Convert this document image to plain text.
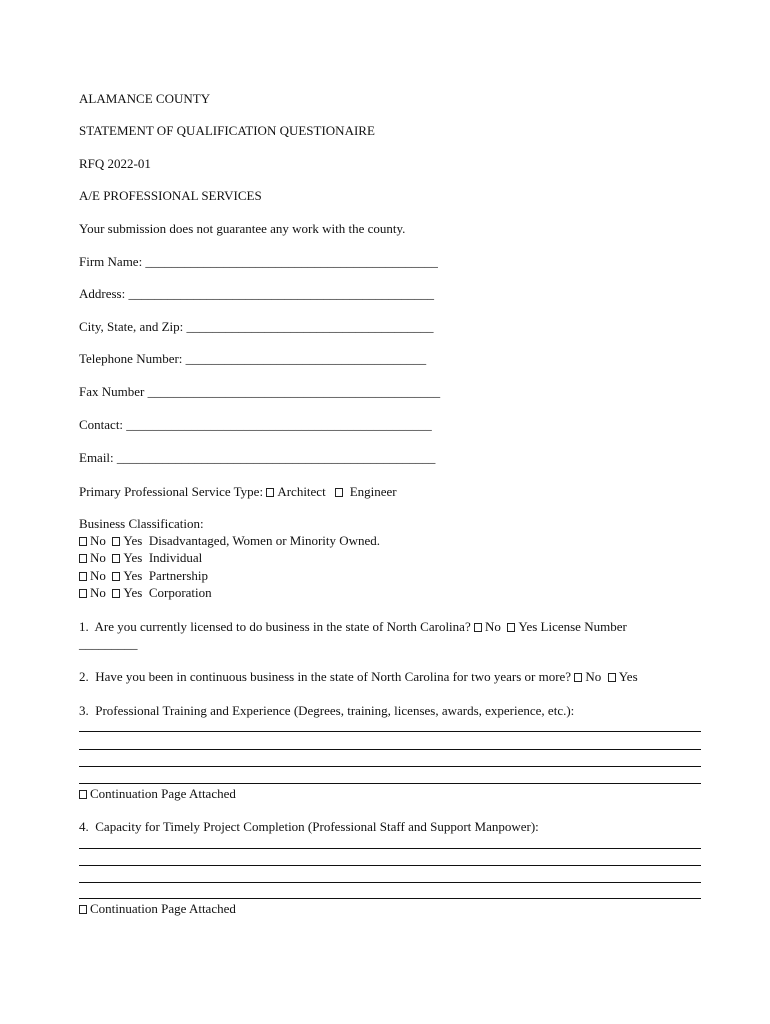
ALAMANCE COUNTY
STATEMENT OF QUALIFICATION QUESTIONAIRE
RFQ 2022-01
A/E PROFESSIONAL SERVICES
Your submission does not guarantee any work with the county.
Firm Name: _____________________________________________
Address: _______________________________________________
City, State, and Zip: ______________________________________
Telephone Number: _____________________________________
Fax Number _____________________________________________
Contact: _______________________________________________
Email: _________________________________________________
Primary Professional Service Type: Architect Engineer
Business Classification:
No Yes Disadvantaged, Women or Minority Owned.
No Yes Individual
No Yes Partnership
No Yes Corporation
1.  Are you currently licensed to do business in the state of North Carolina? No Yes License Number
_________
2.  Have you been in continuous business in the state of North Carolina for two years or more? No Yes
3.  Professional Training and Experience (Degrees, training, licenses, awards, experience, etc.):
Continuation Page Attached
4.  Capacity for Timely Project Completion (Professional Staff and Support Manpower):
Continuation Page Attached
